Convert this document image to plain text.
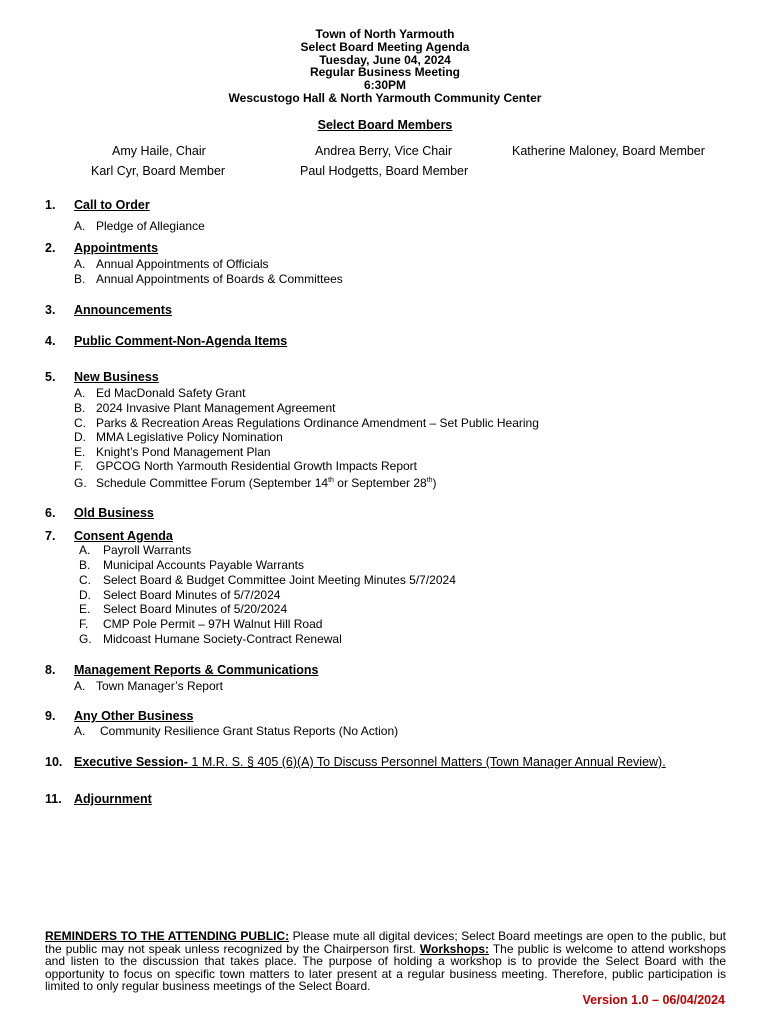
Town of North Yarmouth
Select Board Meeting Agenda
Tuesday, June 04, 2024
Regular Business Meeting
6:30PM
Wescustogo Hall & North Yarmouth Community Center
Select Board Members
Amy Haile, Chair	Andrea Berry, Vice Chair	Katherine Maloney, Board Member
Karl Cyr, Board Member	Paul Hodgetts, Board Member
1. Call to Order
A. Pledge of Allegiance
2. Appointments
A. Annual Appointments of Officials
B. Annual Appointments of Boards & Committees
3. Announcements
4. Public Comment-Non-Agenda Items
5. New Business
A. Ed MacDonald Safety Grant
B. 2024 Invasive Plant Management Agreement
C. Parks & Recreation Areas Regulations Ordinance Amendment – Set Public Hearing
D. MMA Legislative Policy Nomination
E. Knight’s Pond Management Plan
F. GPCOG North Yarmouth Residential Growth Impacts Report
G. Schedule Committee Forum (September 14th or September 28th)
6. Old Business
7. Consent Agenda
A. Payroll Warrants
B. Municipal Accounts Payable Warrants
C. Select Board & Budget Committee Joint Meeting Minutes 5/7/2024
D. Select Board Minutes of 5/7/2024
E. Select Board Minutes of 5/20/2024
F. CMP Pole Permit – 97H Walnut Hill Road
G. Midcoast Humane Society-Contract Renewal
8. Management Reports & Communications
A. Town Manager’s Report
9. Any Other Business
A. Community Resilience Grant Status Reports (No Action)
10. Executive Session- 1 M.R. S. § 405 (6)(A) To Discuss Personnel Matters (Town Manager Annual Review).
11. Adjournment
REMINDERS TO THE ATTENDING PUBLIC: Please mute all digital devices; Select Board meetings are open to the public, but the public may not speak unless recognized by the Chairperson first. Workshops: The public is welcome to attend workshops and listen to the discussion that takes place. The purpose of holding a workshop is to provide the Select Board with the opportunity to focus on specific town matters to later present at a regular business meeting. Therefore, public participation is limited to only regular business meetings of the Select Board.
Version 1.0 – 06/04/2024
